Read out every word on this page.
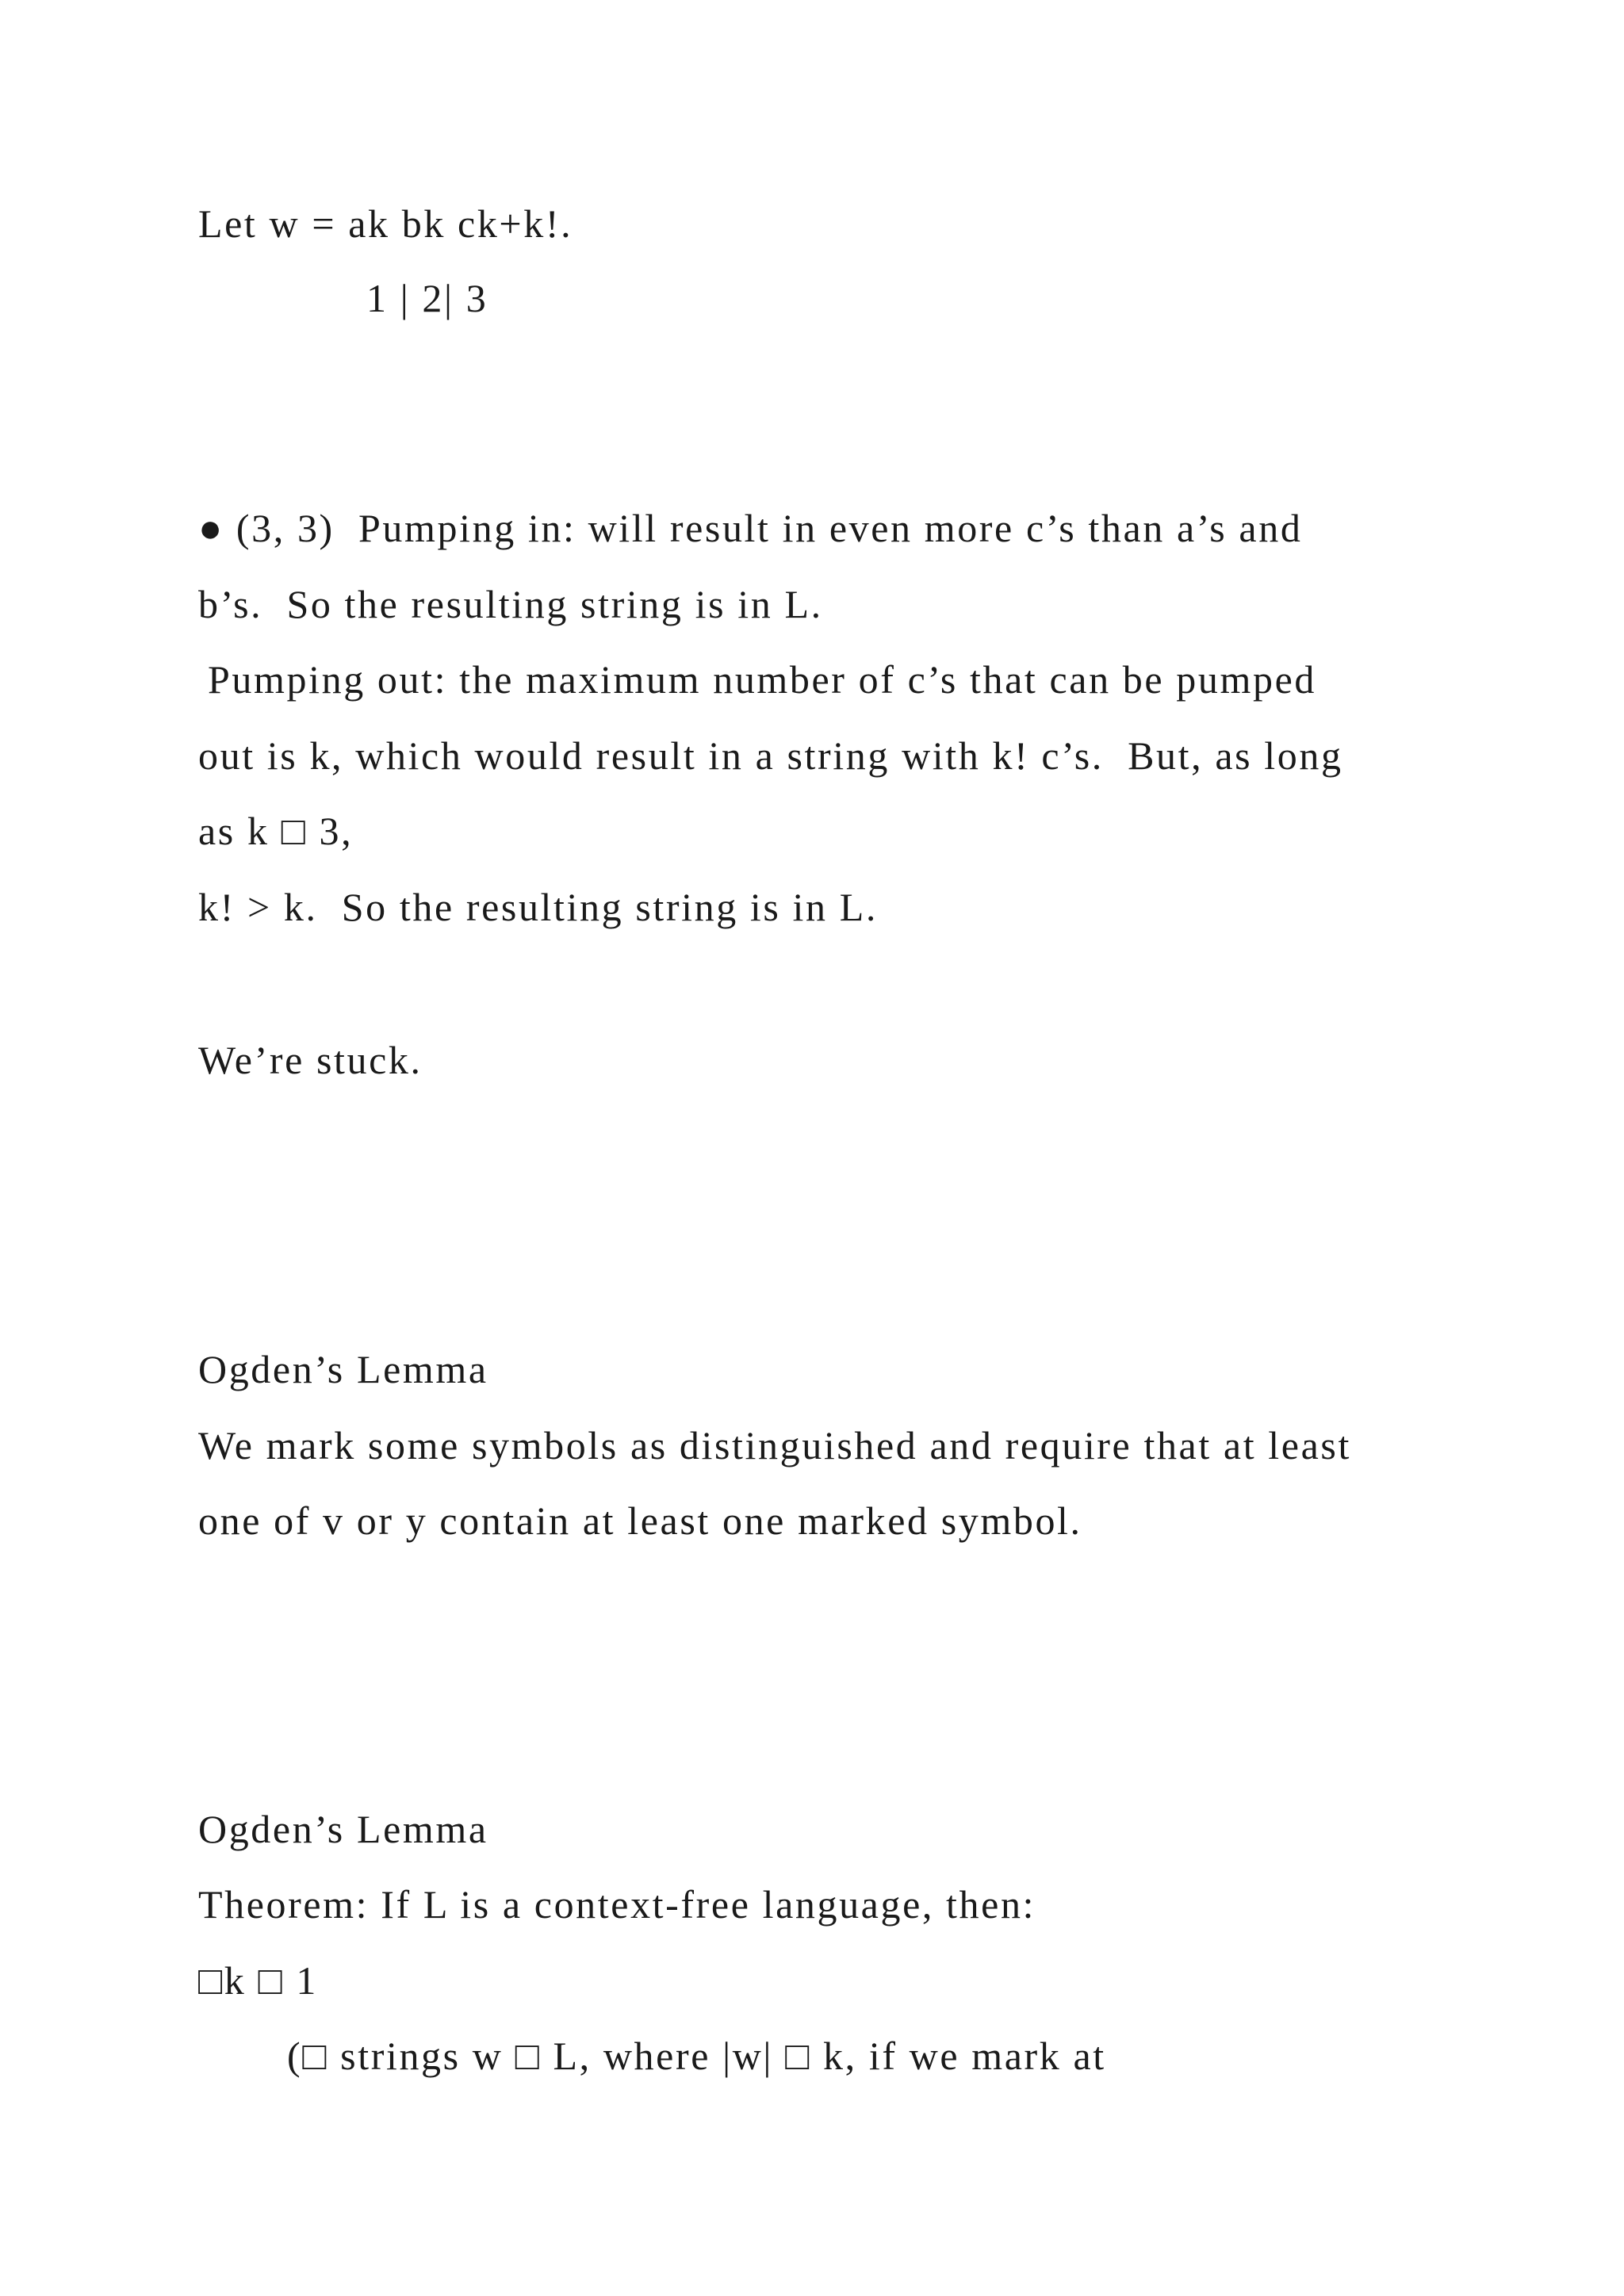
Let w = ak bk ck+k!.
1 | 2| 3
● (3, 3)  Pumping in: will result in even more c’s than a’s and
b’s.  So the resulting string is in L.
Pumping out: the maximum number of c’s that can be pumped
out is k, which would result in a string with k! c’s.  But, as long
as k □ 3,
k! > k.  So the resulting string is in L.
We’re stuck.
Ogden’s Lemma
We mark some symbols as distinguished and require that at least
one of v or y contain at least one marked symbol.
Ogden’s Lemma
Theorem: If L is a context-free language, then:
□k □ 1
(□ strings w □ L, where |w| □ k, if we mark at
